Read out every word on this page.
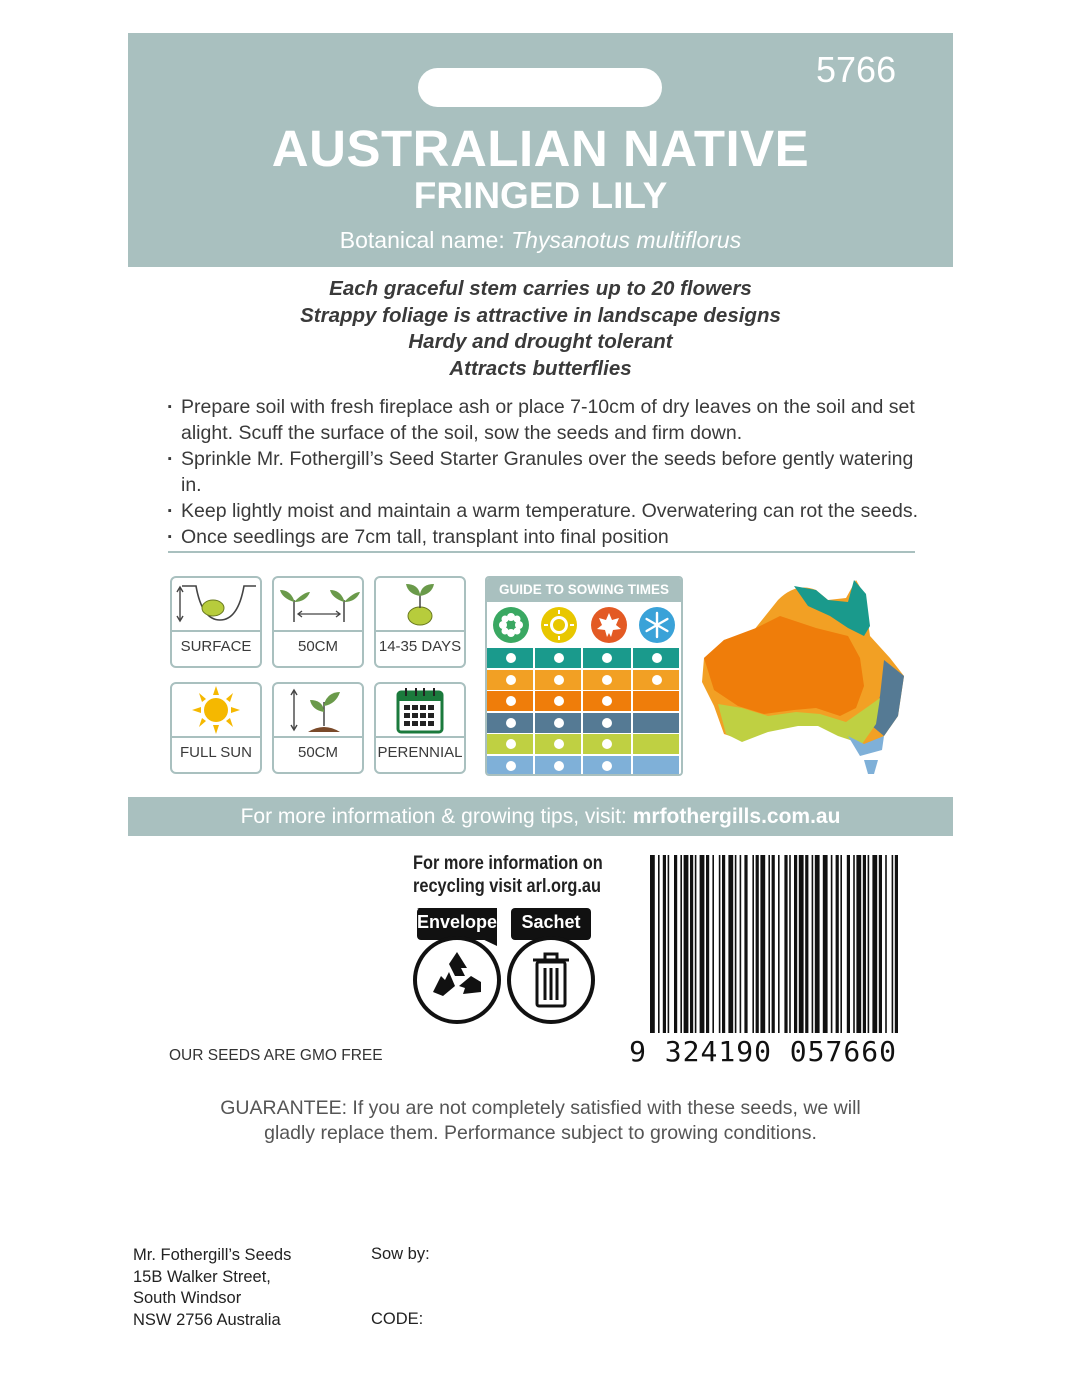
5766
AUSTRALIAN NATIVE
FRINGED LILY
Botanical name: Thysanotus multiflorus
Each graceful stem carries up to 20 flowers
Strappy foliage is attractive in landscape designs
Hardy and drought tolerant
Attracts butterflies
· Prepare soil with fresh fireplace ash or place 7-10cm of dry leaves on the soil and set alight. Scuff the surface of the soil, sow the seeds and firm down.
· Sprinkle Mr. Fothergill’s Seed Starter Granules over the seeds before gently watering in.
· Keep lightly moist and maintain a warm temperature. Overwatering can rot the seeds.
· Once seedlings are 7cm tall, transplant into final position
SURFACE	50CM	14-35 DAYS
FULL SUN	50CM	PERENNIAL
GUIDE TO SOWING TIMES
For more information & growing tips, visit: mrfothergills.com.au
For more information on
recycling visit arl.org.au
Envelope	Sachet
9 324190 057660
OUR SEEDS ARE GMO FREE
GUARANTEE: If you are not completely satisfied with these seeds, we will
gladly replace them. Performance subject to growing conditions.
Mr. Fothergill’s Seeds
15B Walker Street,
South Windsor
NSW 2756 Australia
Sow by:
CODE:
